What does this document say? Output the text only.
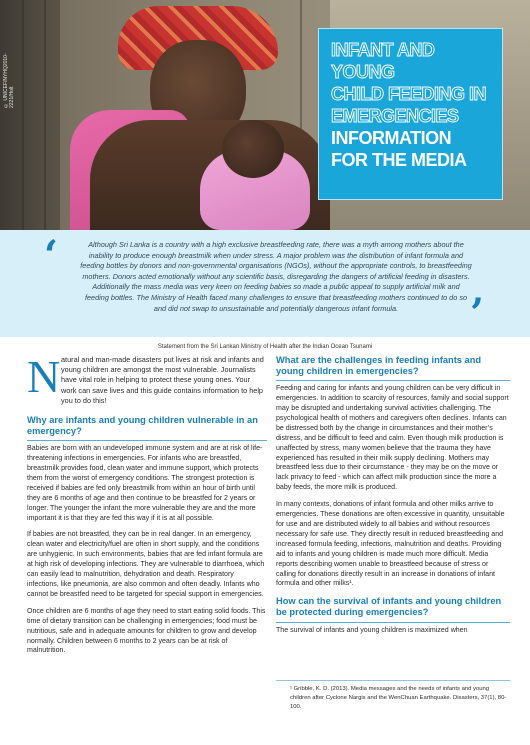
© UNICEF/NYHQ2010-2221/Holt
INFANT AND YOUNG
CHILD FEEDING IN
EMERGENCIES
INFORMATION
FOR THE MEDIA
‘	Although Sri Lanka is a country with a high exclusive breastfeeding rate, there was a myth among mothers about the inability to produce enough breastmilk when under stress. A major problem was the distribution of infant formula and feeding bottles by donors and non-governmental organisations (NGOs), without the appropriate controls, to breastfeeding mothers. Donors acted emotionally without any scientific basis, disregarding the dangers of artificial feeding in disasters. Additionally the mass media was very keen on feeding babies so made a public appeal to supply artificial milk and feeding bottles. The Ministry of Health faced many challenges to ensure that breastfeeding mothers continued to do so and did not swap to unsustainable and potentially dangerous infant formula.	’
Statement from the Sri Lankan Ministry of Health after the Indian Ocean Tsunami
N atural and man-made disasters put lives at risk and infants and young children are amongst the most vulnerable. Journalists have vital role in helping to protect these young ones. Your work can save lives and this guide contains information to help you to do this!
Why are infants and young children vulnerable in an emergency?

Babies are born with an undeveloped immune system and are at risk of life-threatening infections in emergencies. For infants who are breastfed, breastmilk provides food, clean water and immune support, which protects them from the worst of emergency conditions. The strongest protection is received if babies are fed only breastmilk from within an hour of birth until they are 6 months of age and then continue to be breastfed for 2 years or longer. The younger the infant the more vulnerable they are and the more important it is that they are fed this way if it is at all possible.

If babies are not breastfed, they can be in real danger. In an emergency, clean water and electricity/fuel are often in short supply, and the conditions are unhygienic. In such environments, babies that are fed infant formula are at high risk of developing infections. They are vulnerable to diarrhoea, which can easily lead to malnutrition, dehydration and death. Respiratory infections, like pneumonia, are also common and often deadly. Infants who cannot be breastfed need to be targeted for special support in emergencies.

Once children are 6 months of age they need to start eating solid foods. This time of dietary transition can be challenging in emergencies; food must be nutritious, safe and in adequate amounts for children to grow and develop normally. Children between 6 months to 2 years can be at risk of malnutrition.

What are the challenges in feeding infants and young children in emergencies?

Feeding and caring for infants and young children can be very difficult in emergencies. In addition to scarcity of resources, family and social support may be disrupted and undertaking survival activities challenging. The psychological health of mothers and caregivers often declines. Infants can be distressed both by the change in circumstances and their mother’s distress, and be difficult to feed and calm. Even though milk production is unaffected by stress, many women believe that the trauma they have experienced has resulted in their milk supply declining. Mothers may breastfeed less due to their circumstance - they may be on the move or lack privacy to feed - which can affect milk production since the more a baby feeds, the more milk is produced.

In many contexts, donations of infant formula and other milks arrive to emergencies. These donations are often excessive in quantity, unsuitable for use and are distributed widely to all babies and without resources necessary for safe use. They directly result in reduced breastfeeding and increased formula feeding, infections, malnutrition and deaths. Providing aid to infants and young children is made much more difficult. Media reports describing women unable to breastfeed because of stress or calling for donations directly result in an increase in donations of infant formula and other milks¹.

How can the survival of infants and young children be protected during emergencies?

The survival of infants and young children is maximized when

¹ Gribble, K. D. (2013). Media messages and the needs of infants and young children after Cyclone Nargis and the WenChuan Earthquake. Disasters, 37(1), 80-100.
